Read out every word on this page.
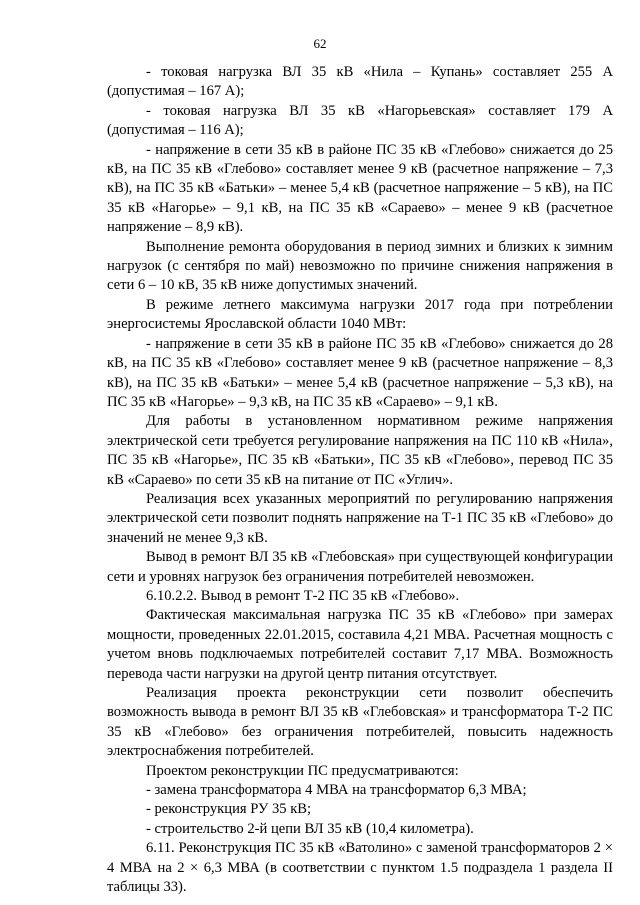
62

- токовая нагрузка ВЛ 35 кВ «Нила – Купань» составляет 255 А (допустимая – 167 А);

- токовая нагрузка ВЛ 35 кВ «Нагорьевская» составляет 179 А (допустимая – 116 А);

- напряжение в сети 35 кВ в районе ПС 35 кВ «Глебово» снижается до 25 кВ, на ПС 35 кВ «Глебово» составляет менее 9 кВ (расчетное напряжение – 7,3 кВ), на ПС 35 кВ «Батьки» – менее 5,4 кВ (расчетное напряжение – 5 кВ), на ПС 35 кВ «Нагорье» – 9,1 кВ, на ПС 35 кВ «Сараево» – менее 9 кВ (расчетное напряжение – 8,9 кВ).

Выполнение ремонта оборудования в период зимних и близких к зимним нагрузок (с сентября по май) невозможно по причине снижения напряжения в сети 6 – 10 кВ, 35 кВ ниже допустимых значений.

В режиме летнего максимума нагрузки 2017 года при потреблении энергосистемы Ярославской области 1040 МВт:

- напряжение в сети 35 кВ в районе ПС 35 кВ «Глебово» снижается до 28 кВ, на ПС 35 кВ «Глебово» составляет менее 9 кВ (расчетное напряжение – 8,3 кВ), на ПС 35 кВ «Батьки» – менее 5,4 кВ (расчетное напряжение – 5,3 кВ), на ПС 35 кВ «Нагорье» – 9,3 кВ, на ПС 35 кВ «Сараево» – 9,1 кВ.

Для работы в установленном нормативном режиме напряжения электрической сети требуется регулирование напряжения на ПС 110 кВ «Нила», ПС 35 кВ «Нагорье», ПС 35 кВ «Батьки», ПС 35 кВ «Глебово», перевод ПС 35 кВ «Сараево» по сети 35 кВ на питание от ПС «Углич».

Реализация всех указанных мероприятий по регулированию напряжения электрической сети позволит поднять напряжение на Т-1 ПС 35 кВ «Глебово» до значений не менее 9,3 кВ.

Вывод в ремонт ВЛ 35 кВ «Глебовская» при существующей конфигурации сети и уровнях нагрузок без ограничения потребителей невозможен.

6.10.2.2. Вывод в ремонт Т-2 ПС 35 кВ «Глебово».

Фактическая максимальная нагрузка ПС 35 кВ «Глебово» при замерах мощности, проведенных 22.01.2015, составила 4,21 МВА. Расчетная мощность с учетом вновь подключаемых потребителей составит 7,17 МВА. Возможность перевода части нагрузки на другой центр питания отсутствует.

Реализация проекта реконструкции сети позволит обеспечить возможность вывода в ремонт ВЛ 35 кВ «Глебовская» и трансформатора Т-2 ПС 35 кВ «Глебово» без ограничения потребителей, повысить надежность электроснабжения потребителей.

Проектом реконструкции ПС предусматриваются:

- замена трансформатора 4 МВА на трансформатор 6,3 МВА;

- реконструкция РУ 35 кВ;

- строительство 2-й цепи ВЛ 35 кВ (10,4 километра).

6.11. Реконструкция ПС 35 кВ «Ватолино» с заменой трансформаторов 2 × 4 МВА на 2 × 6,3 МВА (в соответствии с пунктом 1.5 подраздела 1 раздела II таблицы 33).
